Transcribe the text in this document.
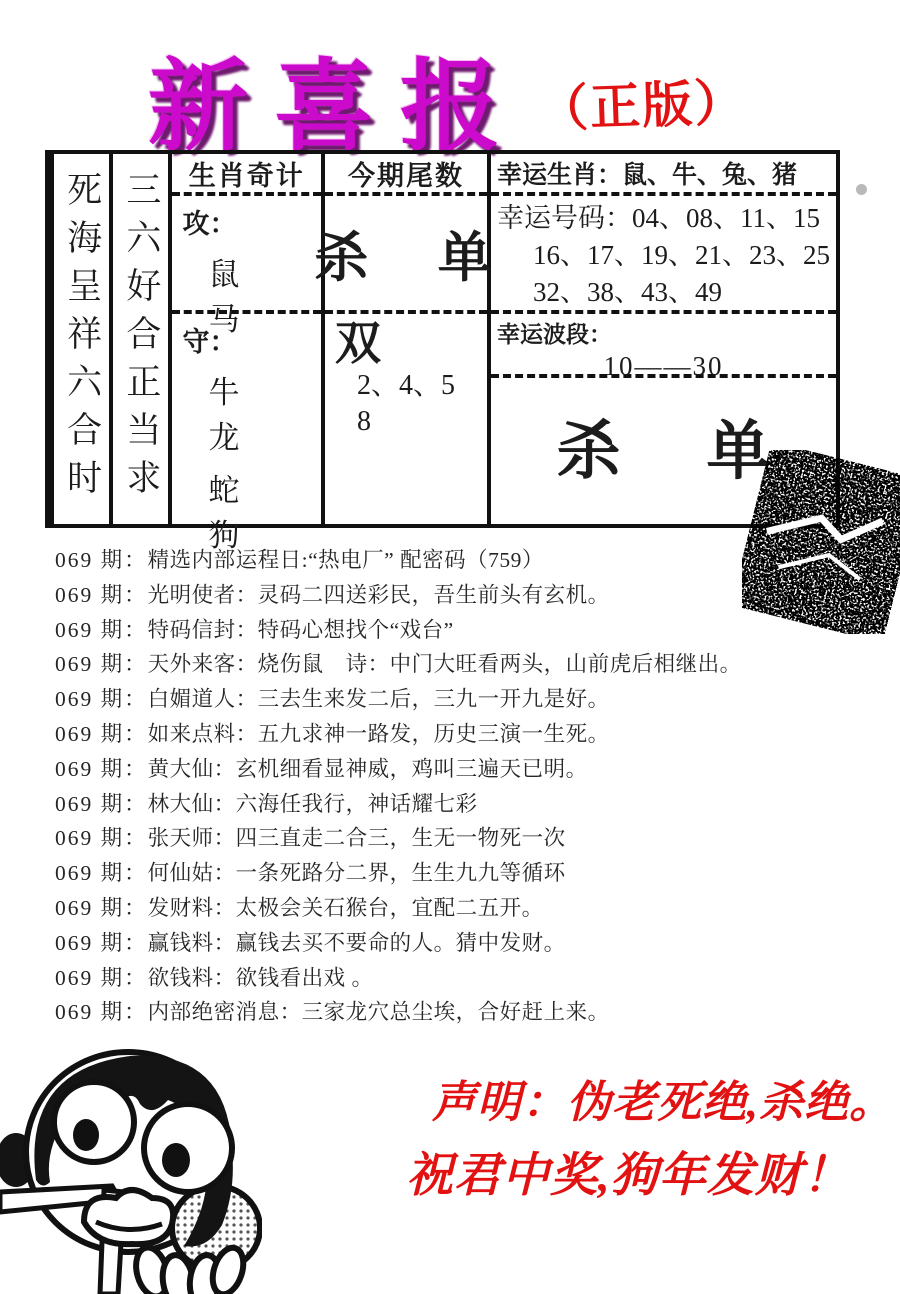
新喜报 （正版）
死海呈祥六合时 三六好合正当求	生肖奇计
攻：
鼠　马
守：
牛　龙
蛇　狗
今期尾数
杀 单
双
2、4、5
8
幸运生肖：鼠、牛、兔、猪
幸运号码：04、08、11、15
16、17、19、21、23、25
32、38、43、49
幸运波段：
10——30
杀 单
069 期：精选内部运程日:“热电厂” 配密码（759）
069 期：光明使者：灵码二四送彩民，吾生前头有玄机。
069 期：特码信封：特码心想找个“戏台”
069 期：天外来客：烧伤鼠　诗：中门大旺看两头，山前虎后相继出。
069 期：白媚道人：三去生来发二后，三九一开九是好。
069 期：如来点料：五九求神一路发，历史三演一生死。
069 期：黄大仙：玄机细看显神威，鸡叫三遍天已明。
069 期：林大仙：六海任我行，神话耀七彩
069 期：张天师：四三直走二合三，生无一物死一次
069 期：何仙姑：一条死路分二界，生生九九等循环
069 期：发财料：太极会关石猴台，宜配二五开。
069 期：赢钱料：赢钱去买不要命的人。猜中发财。
069 期：欲钱料：欲钱看出戏 。
069 期：内部绝密消息：三家龙穴总尘埃，合好赶上来。
声明：伪老死绝,杀绝。
祝君中奖,狗年发财！
